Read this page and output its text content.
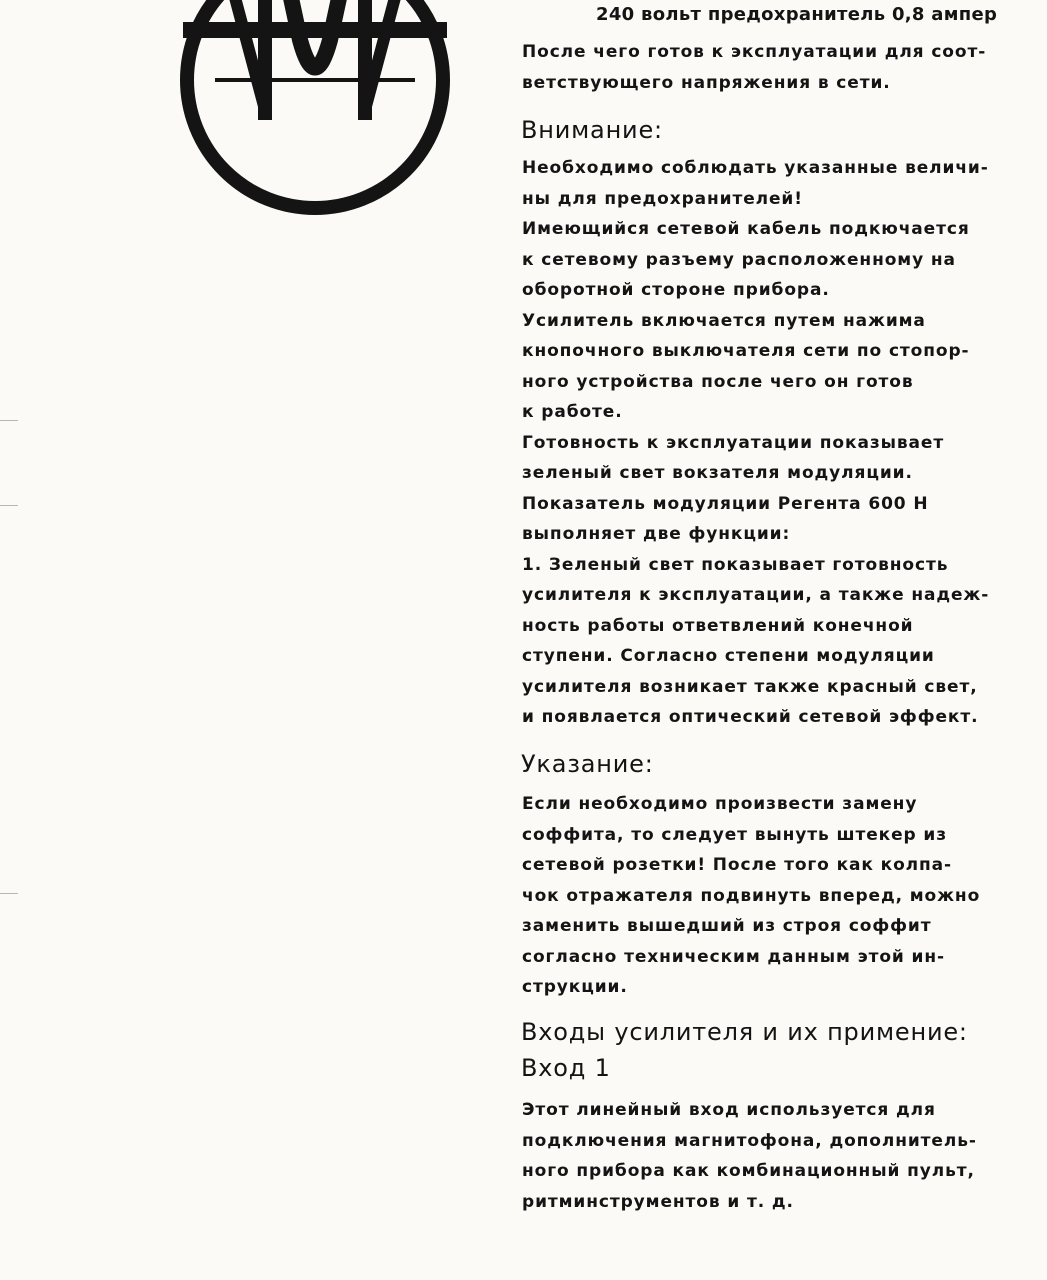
240 вольт предохранитель 0,8 ампер
После чего готов к эксплуатации для соот-
ветствующего напряжения в сети.
Внимание:
Необходимо соблюдать указанные величи-
ны для предохранителей!
Имеющийся сетевой кабель подкючается
к сетевому разъему расположенному на
оборотной стороне прибора.
Усилитель включается путем нажима
кнопочного выключателя сети по стопор-
ного устройства после чего он готов
к работе.
Готовность к эксплуатации показывает
зеленый свет вокзателя модуляции.
Показатель модуляции Регента 600 Н
выполняет две функции:
1. Зеленый свет показывает готовность
усилителя к эксплуатации, а также надеж-
ность работы ответвлений конечной
ступени. Согласно степени модуляции
усилителя возникает также красный свет,
и появлается оптический сетевой эффект.
Указание:
Если необходимо произвести замену
соффита, то следует вынуть штекер из
сетевой розетки! После того как колпа-
чок отражателя подвинуть вперед, можно
заменить вышедший из строя соффит
согласно техническим данным этой ин-
струкции.
Входы усилителя и их примение:
Вход 1
Этот линейный вход используется для
подключения магнитофона, дополнитель-
ного прибора как комбинационный пульт,
ритминструментов и т. д.
